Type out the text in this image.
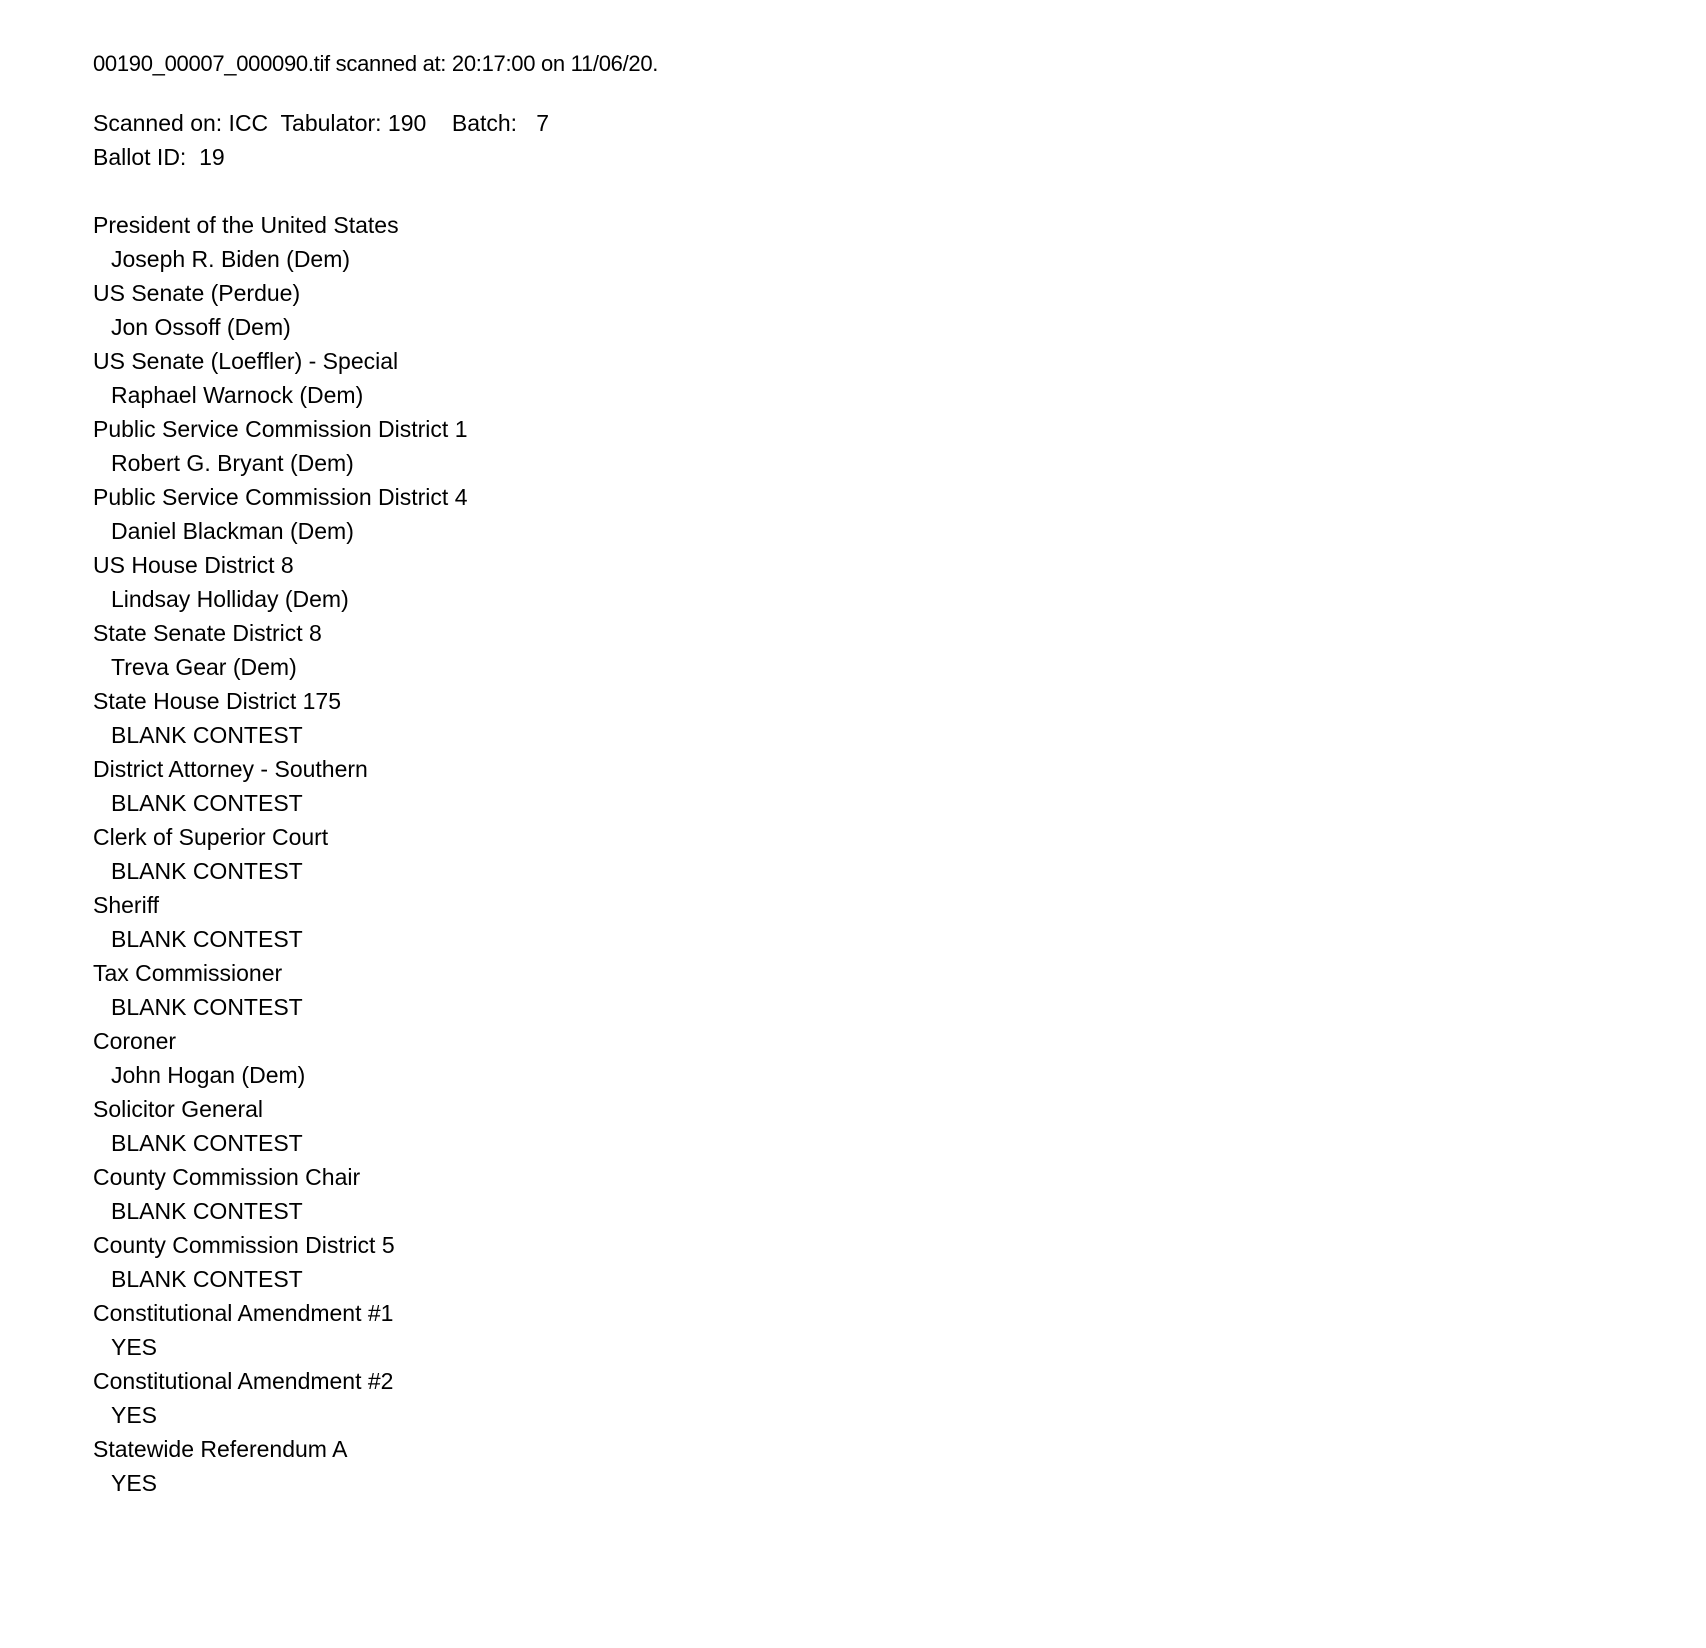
00190_00007_000090.tif scanned at: 20:17:00 on 11/06/20.
Scanned on: ICC  Tabulator: 190    Batch:   7
Ballot ID:  19
President of the United States
Joseph R. Biden (Dem)
US Senate (Perdue)
Jon Ossoff (Dem)
US Senate (Loeffler) - Special
Raphael Warnock (Dem)
Public Service Commission District 1
Robert G. Bryant (Dem)
Public Service Commission District 4
Daniel Blackman (Dem)
US House District 8
Lindsay Holliday (Dem)
State Senate District 8
Treva Gear (Dem)
State House District 175
BLANK CONTEST
District Attorney - Southern
BLANK CONTEST
Clerk of Superior Court
BLANK CONTEST
Sheriff
BLANK CONTEST
Tax Commissioner
BLANK CONTEST
Coroner
John Hogan (Dem)
Solicitor General
BLANK CONTEST
County Commission Chair
BLANK CONTEST
County Commission District 5
BLANK CONTEST
Constitutional Amendment #1
YES
Constitutional Amendment #2
YES
Statewide Referendum A
YES
